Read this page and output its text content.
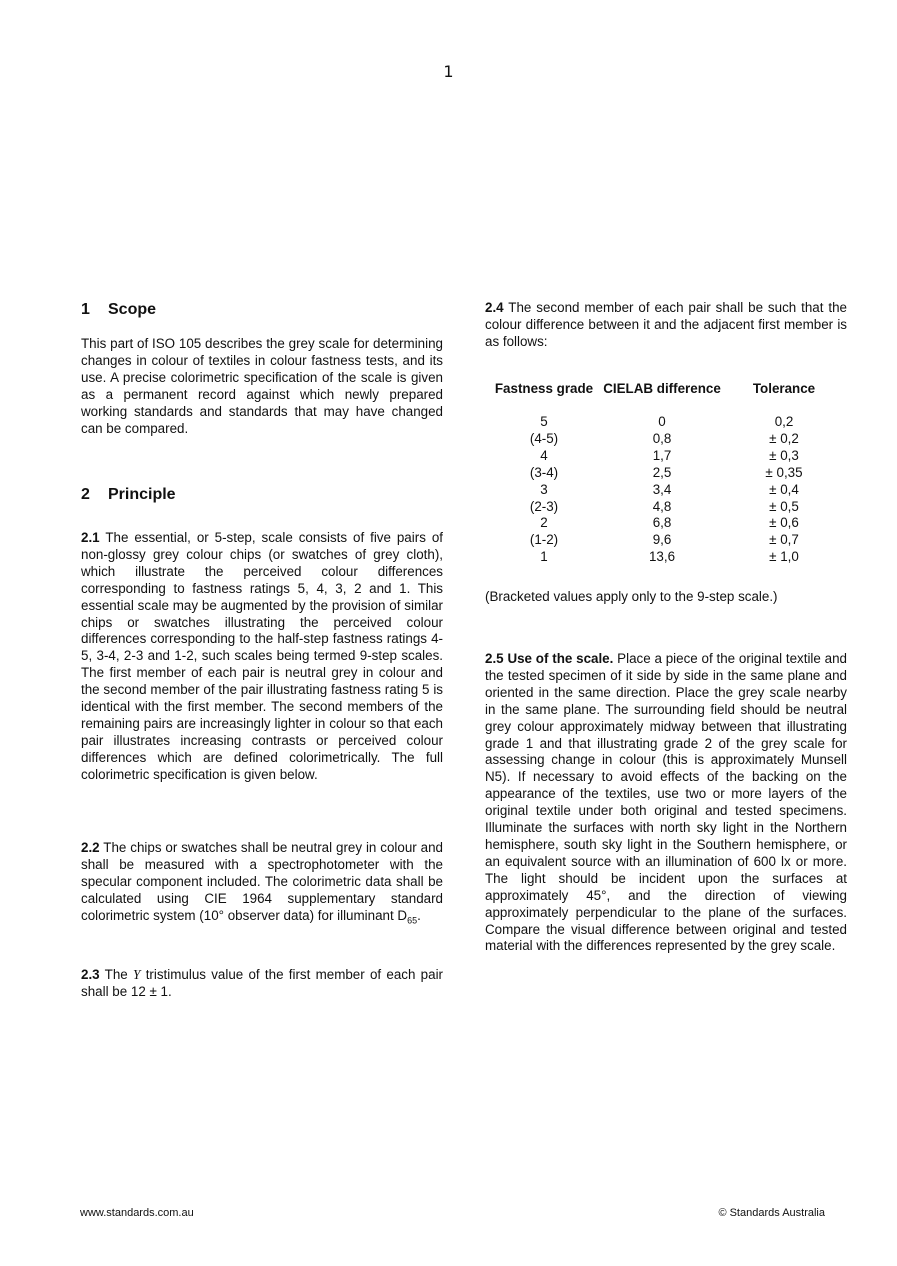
1
1 Scope

This part of ISO 105 describes the grey scale for determining changes in colour of textiles in colour fastness tests, and its use. A precise colorimetric specification of the scale is given as a permanent record against which newly prepared working standards and standards that may have changed can be compared.

2 Principle

2.1 The essential, or 5-step, scale consists of five pairs of non-glossy grey colour chips (or swatches of grey cloth), which illustrate the perceived colour differences corresponding to fastness ratings 5, 4, 3, 2 and 1. This essential scale may be augmented by the provision of similar chips or swatches illustrating the perceived colour differences corresponding to the half-step fastness ratings 4-5, 3-4, 2-3 and 1-2, such scales being termed 9-step scales. The first member of each pair is neutral grey in colour and the second member of the pair illustrating fastness rating 5 is identical with the first member. The second members of the remaining pairs are increasingly lighter in colour so that each pair illustrates increasing contrasts or perceived colour differences which are defined colorimetrically. The full colorimetric specification is given below.

2.2 The chips or swatches shall be neutral grey in colour and shall be measured with a spectrophotometer with the specular component included. The colorimetric data shall be calculated using CIE 1964 supplementary standard colorimetric system (10° observer data) for illuminant $D_{65}$.

2.3 The Y tristimulus value of the first member of each pair shall be 12 ± 1.

2.4 The second member of each pair shall be such that the colour difference between it and the adjacent first member is as follows:

Fastness grade	CIELAB difference	Tolerance

5	0	0,2
(4-5)	0,8	± 0,2
4	1,7	± 0,3
(3-4)	2,5	± 0,35
3	3,4	± 0,4
(2-3)	4,8	± 0,5
2	6,8	± 0,6
(1-2)	9,6	± 0,7
1	13,6	± 1,0

(Bracketed values apply only to the 9-step scale.)

2.5 Use of the scale. Place a piece of the original textile and the tested specimen of it side by side in the same plane and oriented in the same direction. Place the grey scale nearby in the same plane. The surrounding field should be neutral grey colour approximately midway between that illustrating grade 1 and that illustrating grade 2 of the grey scale for assessing change in colour (this is approximately Munsell N5). If necessary to avoid effects of the backing on the appearance of the textiles, use two or more layers of the original textile under both original and tested specimens. Illuminate the surfaces with north sky light in the Northern hemisphere, south sky light in the Southern hemisphere, or an equivalent source with an illumination of 600 lx or more. The light should be incident upon the surfaces at approximately 45°, and the direction of viewing approximately perpendicular to the plane of the surfaces. Compare the visual difference between original and tested material with the differences represented by the grey scale.

www.standards.com.au	© Standards Australia
